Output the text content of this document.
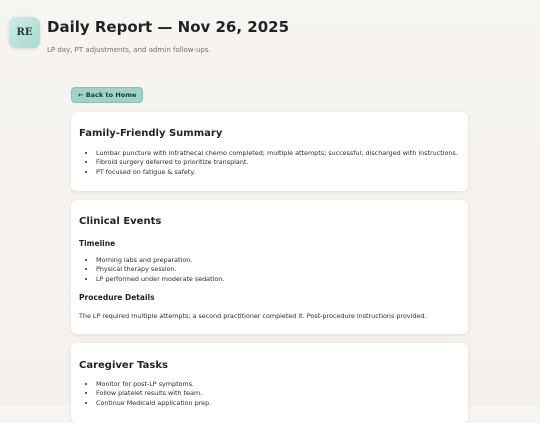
RE Daily Report — Nov 26, 2025
LP day, PT adjustments, and admin follow-ups.
← Back to Home
Family-Friendly Summary
• Lumbar puncture with intrathecal chemo completed; multiple attempts; successful; discharged with instructions.
• Fibroid surgery deferred to prioritize transplant.
• PT focused on fatigue & safety.
Clinical Events
Timeline
• Morning labs and preparation.
• Physical therapy session.
• LP performed under moderate sedation.
Procedure Details
The LP required multiple attempts; a second practitioner completed it. Post-procedure instructions provided.
Caregiver Tasks
• Monitor for post-LP symptoms.
• Follow platelet results with team.
• Continue Medicaid application prep.
